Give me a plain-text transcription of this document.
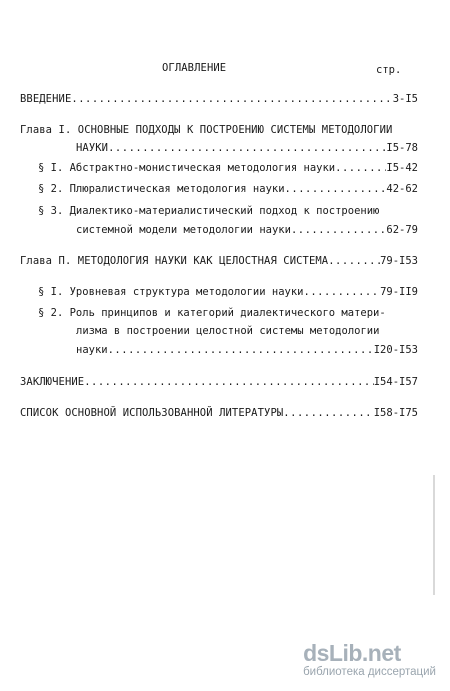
ОГЛАВЛЕНИЕ	стр.
ВВЕДЕНИЕ .....	3-I5
Глава I. ОСНОВНЫЕ ПОДХОДЫ К ПОСТРОЕНИЮ СИСТЕМЫ МЕТОДОЛОГИИ
НАУКИ .....	I5-78
§ I. Абстрактно-монистическая методология науки .....	I5-42
§ 2. Плюралистическая методология науки .....	42-62
§ 3. Диалектико-материалистический подход к построению
системной модели методологии науки .....	62-79
Глава П. МЕТОДОЛОГИЯ НАУКИ КАК ЦЕЛОСТНАЯ СИСТЕМА .....	79-I53
§ I. Уровневая структура методологии науки .....	79-II9
§ 2. Роль принципов и категорий диалектического матери-
лизма в построении целостной системы методологии
науки .....	I20-I53
ЗАКЛЮЧЕНИЕ .....	I54-I57
СПИСОК ОСНОВНОЙ ИСПОЛЬЗОВАННОЙ ЛИТЕРАТУРЫ .....	I58-I75
dsLib.net
библиотека диссертаций
